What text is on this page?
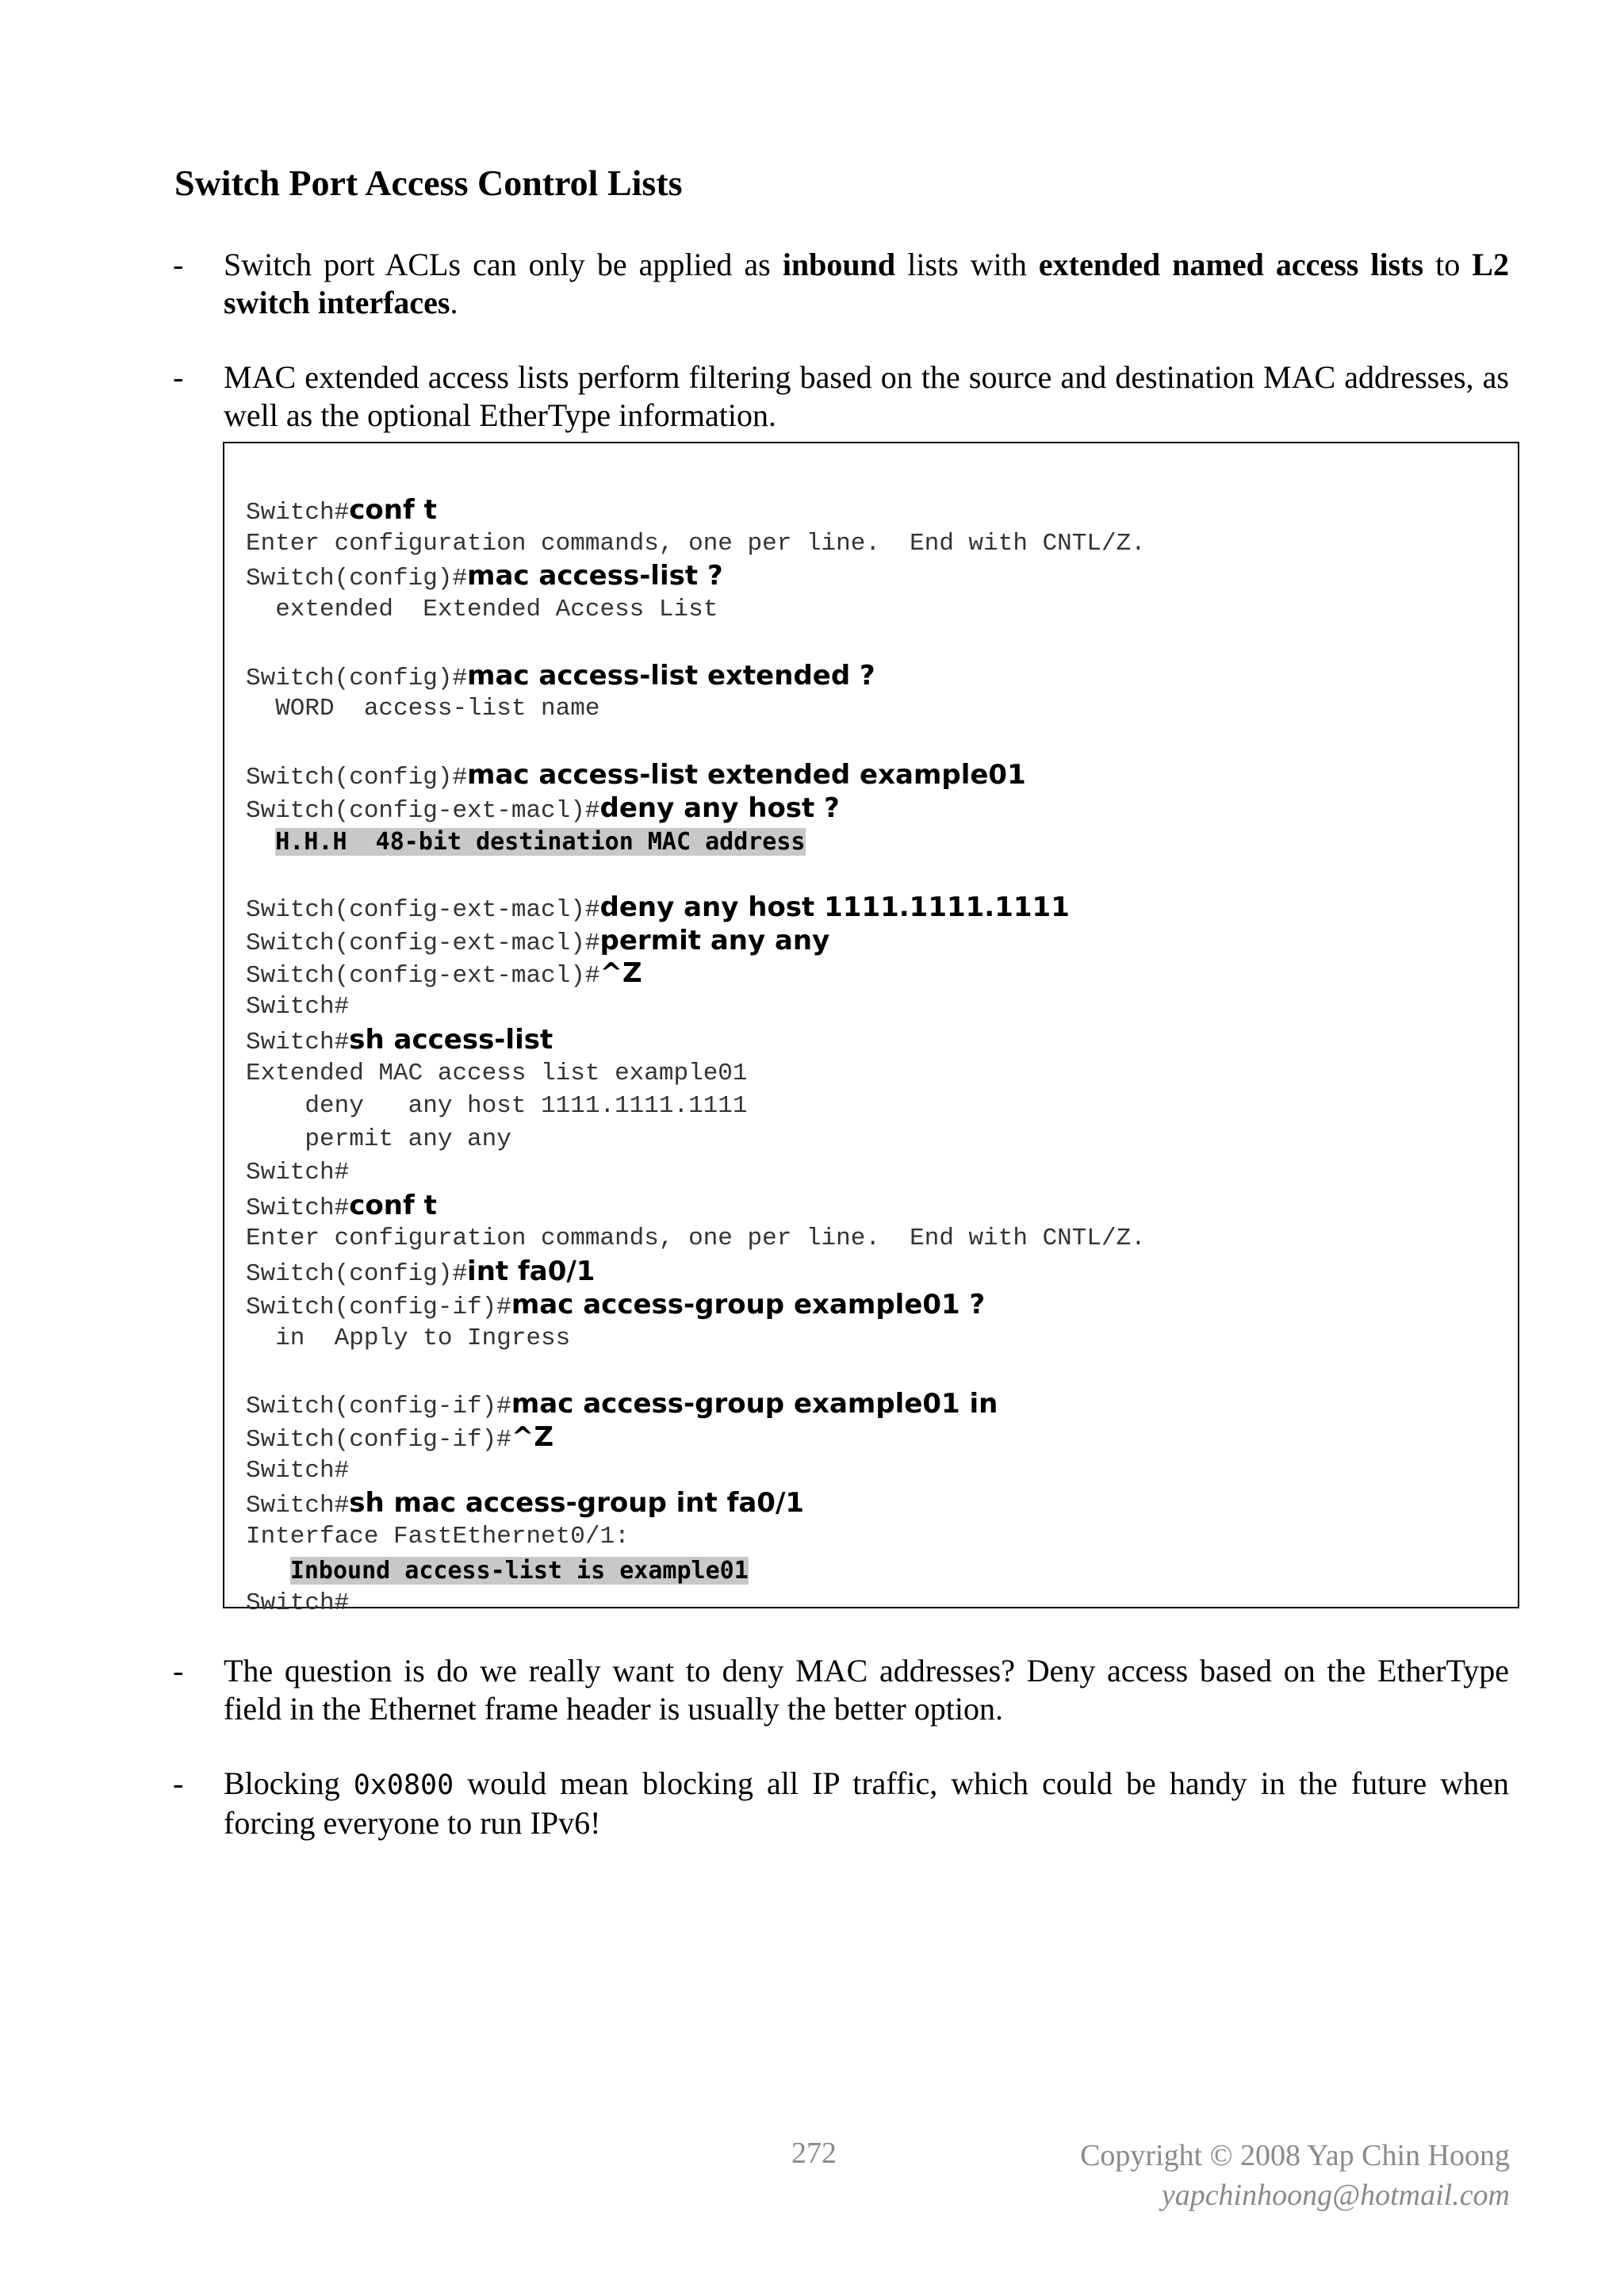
Switch Port Access Control Lists
- Switch port ACLs can only be applied as inbound lists with extended named access lists to L2 switch interfaces.
- MAC extended access lists perform filtering based on the source and destination MAC addresses, as well as the optional EtherType information.

Switch#conf t
Enter configuration commands, one per line.  End with CNTL/Z.
Switch(config)#mac access-list ?
extended  Extended Access List
Switch(config)#mac access-list extended ?
WORD  access-list name
Switch(config)#mac access-list extended example01
Switch(config-ext-macl)#deny any host ?
H.H.H  48-bit destination MAC address
Switch(config-ext-macl)#deny any host 1111.1111.1111
Switch(config-ext-macl)#permit any any
Switch(config-ext-macl)#^Z
Switch#
Switch#sh access-list
Extended MAC access list example01
deny   any host 1111.1111.1111
permit any any
Switch#
Switch#conf t
Enter configuration commands, one per line.  End with CNTL/Z.
Switch(config)#int fa0/1
Switch(config-if)#mac access-group example01 ?
in  Apply to Ingress
Switch(config-if)#mac access-group example01 in
Switch(config-if)#^Z
Switch#
Switch#sh mac access-group int fa0/1
Interface FastEthernet0/1:
Inbound access-list is example01
Switch#

- The question is do we really want to deny MAC addresses? Deny access based on the EtherType field in the Ethernet frame header is usually the better option.
- Blocking 0x0800 would mean blocking all IP traffic, which could be handy in the future when forcing everyone to run IPv6!
272	Copyright © 2008 Yap Chin Hoong
yapchinhoong@hotmail.com
